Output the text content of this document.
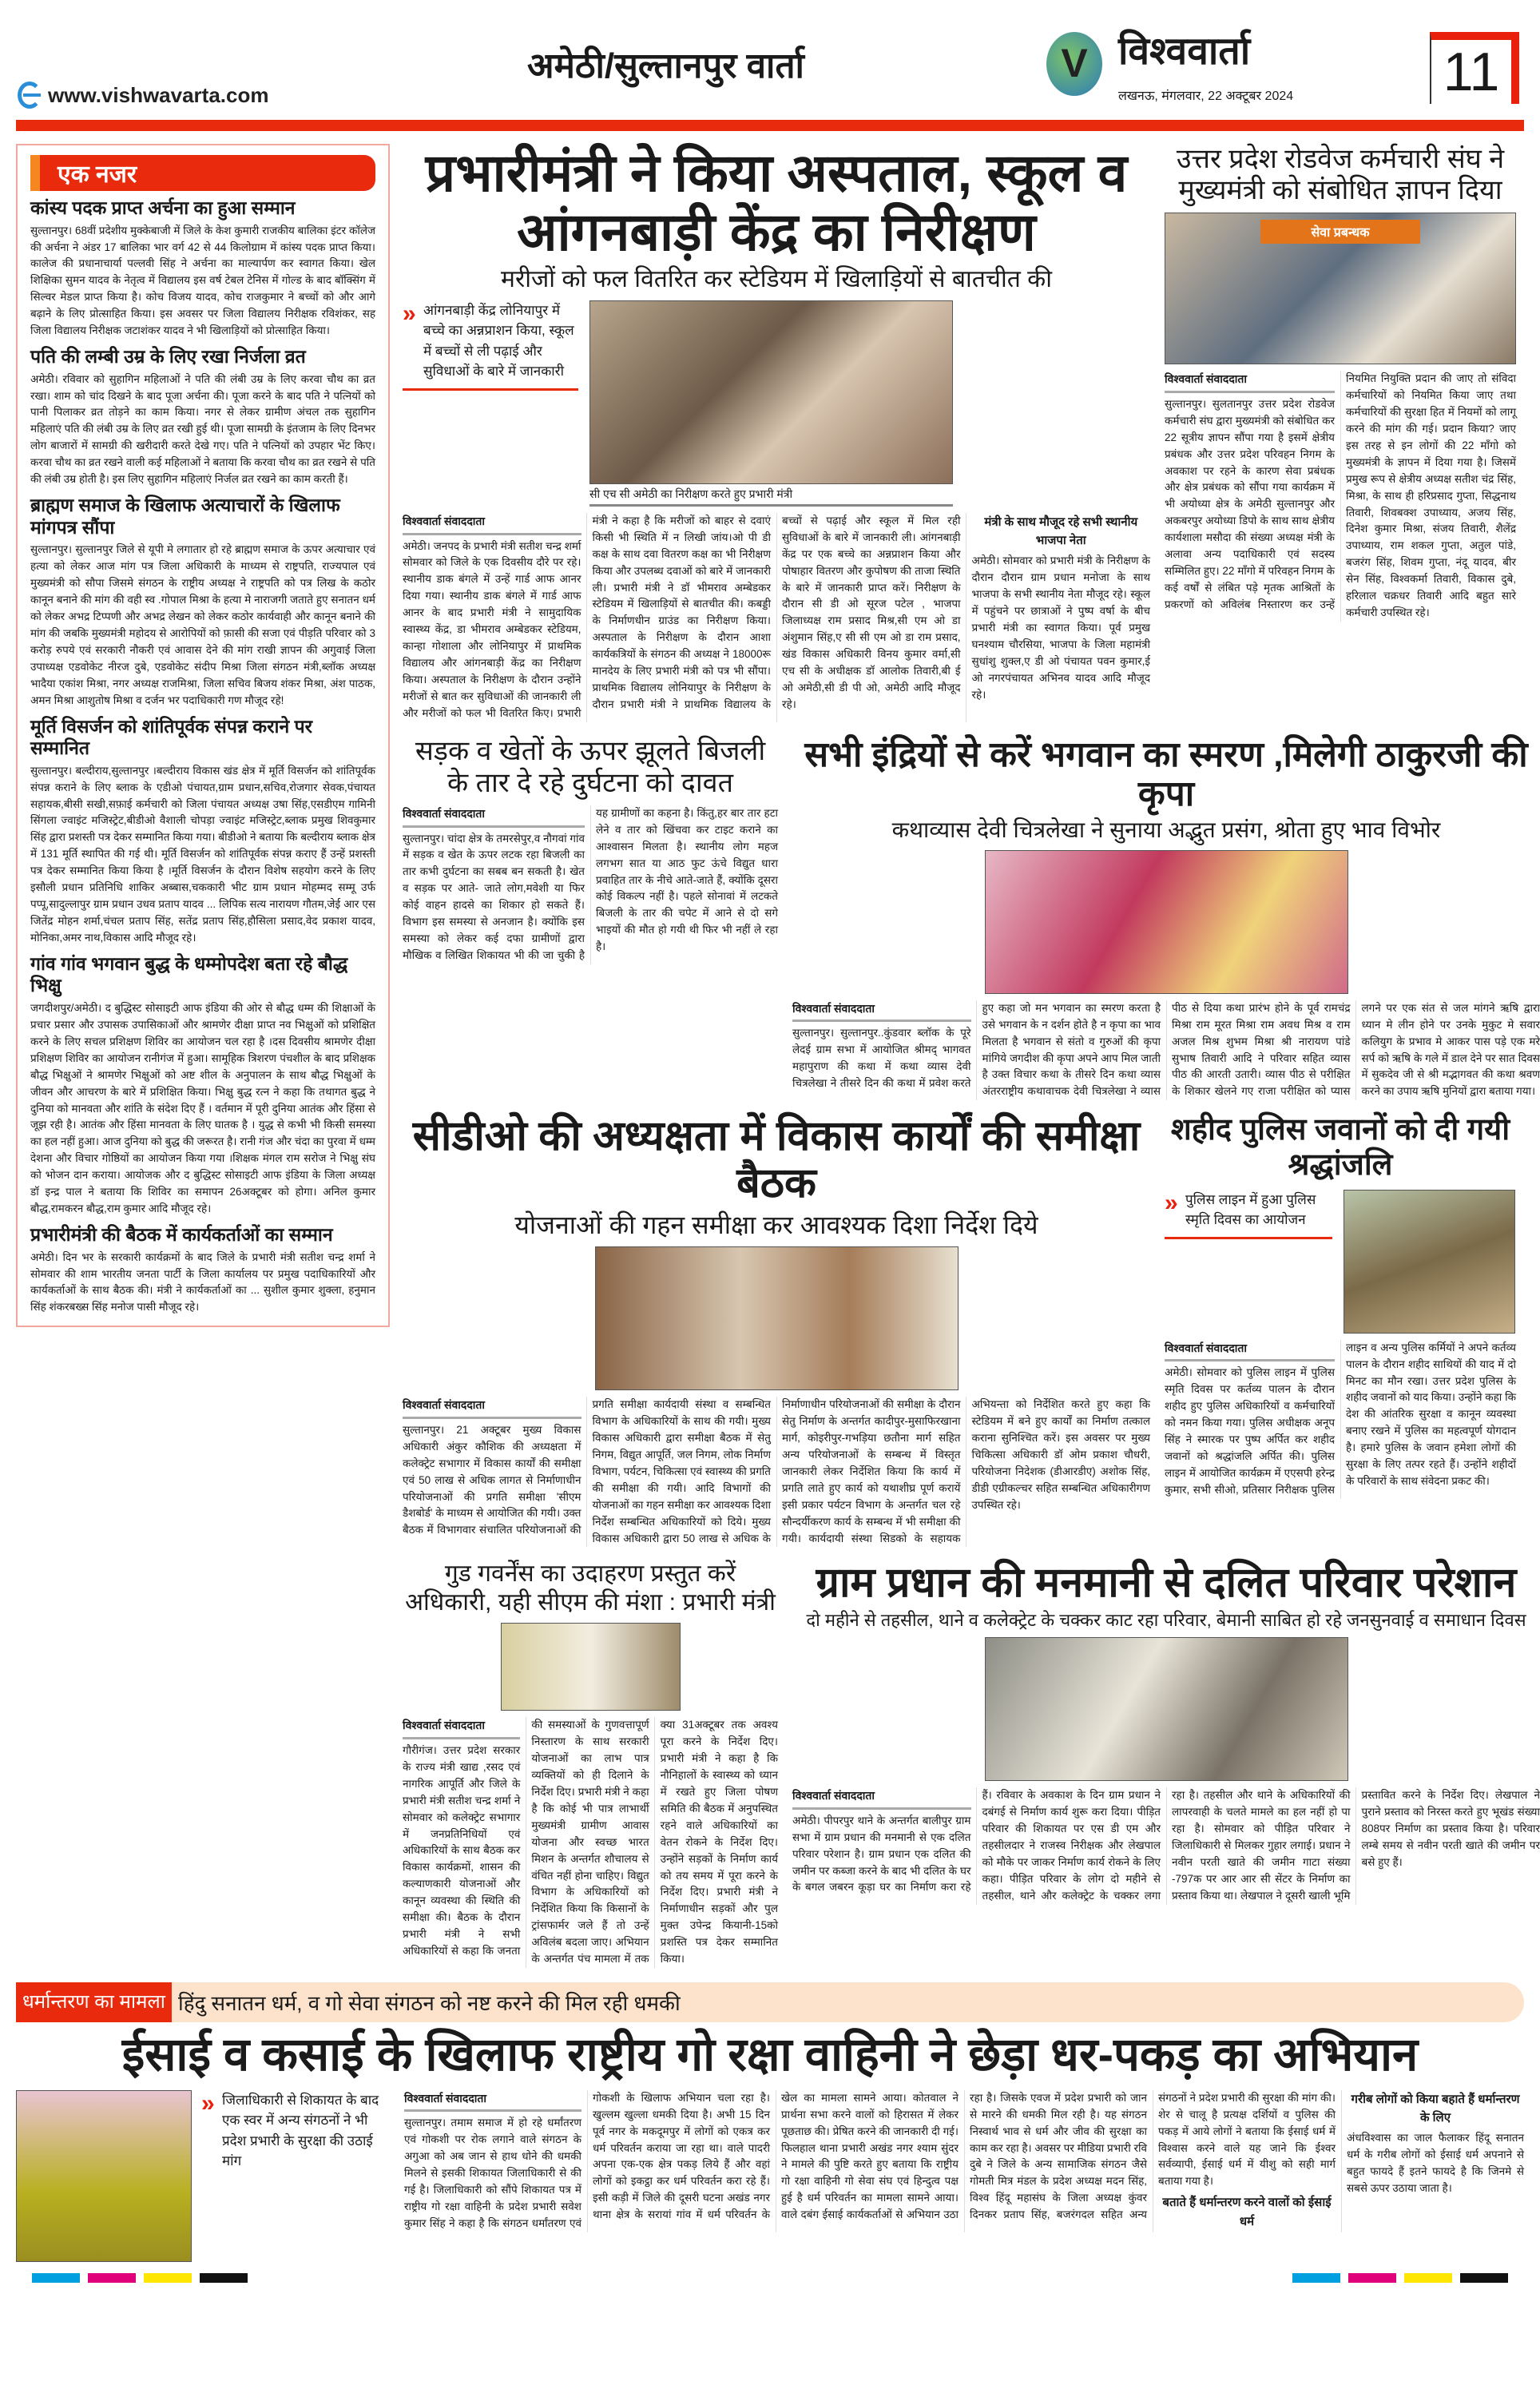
www.vishwavarta.com
अमेठी/सुल्तानपुर वार्ता	V विश्ववार्ता
लखनऊ, मंगलवार, 22 अक्टूबर 2024	11
एक नजर
कांस्य पदक प्राप्त अर्चना का हुआ सम्मान
सुल्तानपुर। 68वीं प्रदेशीय मुक्केबाजी में जिले के केश कुमारी राजकीय बालिका इंटर कॉलेज की अर्चना ने अंडर 17 बालिका भार वर्ग 42 से 44 किलोग्राम में कांस्य पदक प्राप्त किया। कालेज की प्रधानाचार्या पल्लवी सिंह ने अर्चना का माल्यार्पण कर स्वागत किया। खेल शिक्षिका सुमन यादव के नेतृत्व में विद्यालय इस वर्ष टेबल टेनिस में गोल्ड के बाद बॉक्सिंग में सिल्वर मेडल प्राप्त किया है। कोच विजय यादव, कोच राजकुमार ने बच्चों को और आगे बढ़ाने के लिए प्रोत्साहित किया। इस अवसर पर जिला विद्यालय निरीक्षक रविशंकर, सह जिला विद्यालय निरीक्षक जटाशंकर यादव ने भी खिलाड़ियों को प्रोत्साहित किया।
पति की लम्बी उम्र के लिए रखा निर्जला व्रत
अमेठी। रविवार को सुहागिन महिलाओं ने पति की लंबी उम्र के लिए करवा चौथ का व्रत रखा। शाम को चांद दिखने के बाद पूजा अर्चना की। पूजा करने के बाद पति ने पत्नियों को पानी पिलाकर व्रत तोड़ने का काम किया। नगर से लेकर ग्रामीण अंचल तक सुहागिन महिलाएं पति की लंबी उम्र के लिए व्रत रखी हुई थी। पूजा सामग्री के इंतजाम के लिए दिनभर लोग बाजारों में सामग्री की खरीदारी करते देखे गए। पति ने पत्नियों को उपहार भेंट किए। करवा चौथ का व्रत रखने वाली कई महिलाओं ने बताया कि करवा चौथ का व्रत रखने से पति की लंबी उम्र होती है। इस लिए सुहागिन महिलाएं निर्जल व्रत रखने का काम करती हैं।
ब्राह्मण समाज के खिलाफ अत्याचारों के खिलाफ मांगपत्र सौंपा
सुल्तानपुर। सुल्तानपुर जिले से यूपी मे लगातार हो रहे ब्राह्मण समाज के ऊपर अत्याचार एवं हत्या को लेकर आज मांग पत्र जिला अधिकारी के माध्यम से राष्ट्रपति, राज्यपाल एवं मुख्यमंत्री को सौपा जिसमे संगठन के राष्ट्रीय अध्यक्ष ने राष्ट्रपति को पत्र लिख के कठोर कानून बनाने की मांग की वही स्व .गोपाल मिश्रा के हत्या मे नाराजगी जताते हुए सनातन धर्म को लेकर अभद्र टिप्पणी और अभद्र लेखन को लेकर कठोर कार्यवाही और कानून बनाने की मांग की जबकि मुख्यमंत्री महोदय से आरोपियों को फ़ासी की सजा एवं पीड़ति परिवार को 3 करोड़ रुपये एवं सरकारी नौकरी एवं आवास देने की मांग राखी ज्ञापन की अगुवाई जिला उपाध्यक्ष एडवोकेट नीरज दुबे, एडवोकेट संदीप मिश्रा जिला संगठन मंत्री,ब्लॉक अध्यक्ष भादैया एकांश मिश्रा, नगर अध्यक्ष राजमिश्रा, जिला सचिव बिजय शंकर मिश्रा, अंश पाठक, अमन मिश्रा आशुतोष मिश्रा व दर्जन भर पदाधिकारी गण मौजूद रहे!
मूर्ति विसर्जन को शांतिपूर्वक संपन्न कराने पर सम्मानित
सुल्तानपुर। बल्दीराय,सुल्तानपुर ।बल्दीराय विकास खंड क्षेत्र में मूर्ति विसर्जन को शांतिपूर्वक संपन्न कराने के लिए ब्लाक के एडीओ पंचायत,ग्राम प्रधान,सचिव,रोजगार सेवक,पंचायत सहायक,बीसी सखी,सफ़ाई कर्मचारी को जिला पंचायत अध्यक्ष उषा सिंह,एसडीएम गामिनी सिंगला ज्वाइंट मजिस्ट्रेट,बीडीओ वैशाली चोपड़ा ज्वाइंट मजिस्ट्रेट,ब्लाक प्रमुख शिवकुमार सिंह द्वारा प्रशस्ती पत्र देकर सम्मानित किया गया। बीडीओ ने बताया कि बल्दीराय ब्लाक क्षेत्र में 131 मूर्ति स्थापित की गई थी। मूर्ति विसर्जन को शांतिपूर्वक संपन्न कराए हैं उन्हें प्रशस्ती पत्र देकर सम्मानित किया किया है ।मूर्ति विसर्जन के दौरान विशेष सहयोग करने के लिए इसौली प्रधान प्रतिनिधि शाकिर अब्बास,चककारी भीट ग्राम प्रधान मोहम्मद सम्मू उर्फ पप्पू,सादुल्लापुर ग्राम प्रधान उधव प्रताप यादव ... लिपिक सत्य नारायण गौतम,जेई आर एस जितेंद्र मोहन शर्मा,चंचल प्रताप सिंह, सतेंद्र प्रताप सिंह,हौसिला प्रसाद,वेद प्रकाश यादव, मोनिका,अमर नाथ,विकास आदि मौजूद रहे।
गांव गांव भगवान बुद्ध के धम्मोपदेश बता रहे बौद्ध भिक्षु
जगदीशपुर/अमेठी। द बुद्धिस्ट सोसाइटी आफ इंडिया की ओर से बौद्ध धम्म की शिक्षाओं के प्रचार प्रसार और उपासक उपासिकाओं और श्रामणेर दीक्षा प्राप्त नव भिक्षुओं को प्रशिक्षित करने के लिए सचल प्रशिक्षण शिविर का आयोजन चल रहा है ।दस दिवसीय श्रामणेर दीक्षा प्रशिक्षण शिविर का आयोजन रानीगंज में हुआ। सामूहिक त्रिशरण पंचशील के बाद प्रशिक्षक बौद्ध भिक्षुओं ने श्रामणेर भिक्षुओं को अष्ट शील के अनुपालन के साथ बौद्ध भिक्षुओं के जीवन और आचरण के बारे में प्रशिक्षित किया। भिक्षु बुद्ध रत्न ने कहा कि तथागत बुद्ध ने दुनिया को मानवता और शांति के संदेश दिए हैं । वर्तमान में पूरी दुनिया आतंक और हिंसा से जूझ रही है। आतंक और हिंसा मानवता के लिए घातक है । युद्ध से कभी भी किसी समस्या का हल नहीं हुआ। आज दुनिया को बुद्ध की जरूरत है। रानी गंज और चंदा का पुरवा में धम्म देशना और विचार गोष्ठियों का आयोजन किया गया ।शिक्षक मंगल राम सरोज ने भिक्षु संघ को भोजन दान कराया। आयोजक और द बुद्धिस्ट सोसाइटी आफ इंडिया के जिला अध्यक्ष डॉ इन्द्र पाल ने बताया कि शिविर का समापन 26अक्टूबर को होगा। अनिल कुमार बौद्ध,रामकरन बौद्ध,राम कुमार आदि मौजूद रहे।
प्रभारीमंत्री की बैठक में कार्यकर्ताओं का सम्मान
अमेठी। दिन भर के सरकारी कार्यक्रमों के बाद जिले के प्रभारी मंत्री सतीश चन्द्र शर्मा ने सोमवार की शाम भारतीय जनता पार्टी के जिला कार्यालय पर प्रमुख पदाधिकारियों और कार्यकर्ताओं के साथ बैठक की। मंत्री ने कार्यकर्ताओं का ... सुशील कुमार शुक्ला, हनुमान सिंह शंकरबख्स सिंह मनोज पासी मौजूद रहे।
प्रभारीमंत्री ने किया अस्पताल, स्कूल व आंगनबाड़ी केंद्र का निरीक्षण
मरीजों को फल वितरित कर स्टेडियम में खिलाड़ियों से बातचीत की
» आंगनबाड़ी केंद्र लोनियापुर में बच्चे का अन्नप्राशन किया, स्कूल में बच्चों से ली पढ़ाई और सुविधाओं के बारे में जानकारी
सी एच सी अमेठी का निरीक्षण करते हुए प्रभारी मंत्री
विश्ववार्ता संवाददाता
अमेठी। जनपद के प्रभारी मंत्री सतीश चन्द्र शर्मा सोमवार को जिले के एक दिवसीय दौरे पर रहे। स्थानीय डाक बंगले में उन्हें गार्ड आफ आनर दिया गया। स्थानीय डाक बंगले में गार्ड आफ आनर के बाद प्रभारी मंत्री ने सामुदायिक स्वास्थ्य केंद्र, डा भीमराव अम्बेडकर स्टेडियम, कान्हा गोशाला और लोनियापुर में प्राथमिक विद्यालय और आंगनबाड़ी केंद्र का निरीक्षण किया। अस्पताल के निरीक्षण के दौरान उन्होंने मरीजों से बात कर सुविधाओं की जानकारी ली और मरीजों को फल भी वितरित किए। प्रभारी मंत्री ने कहा है कि मरीजों को बाहर से दवाएं किसी भी स्थिति में न लिखी जांय।ओ पी डी कक्ष के साथ दवा वितरण कक्ष का भी निरीक्षण किया और उपलब्ध दवाओं को बारे में जानकारी ली। प्रभारी मंत्री ने डॉ भीमराव अम्बेडकर स्टेडियम में खिलाड़ियों से बातचीत की। कबड्डी के निर्माणधीन ग्राउंड का निरीक्षण किया। अस्पताल के निरीक्षण के दौरान आशा कार्यकत्रियों के संगठन की अध्यक्ष ने 18000रू मानदेय के लिए प्रभारी मंत्री को पत्र भी सौंपा। प्राथमिक विद्यालय लोनियापुर के निरीक्षण के दौरान प्रभारी मंत्री ने प्राथमिक विद्यालय के बच्चों से पढ़ाई और स्कूल में मिल रही सुविधाओं के बारे में जानकारी ली। आंगनबाड़ी केंद्र पर एक बच्चे का अन्नप्राशन किया और पोषाहार वितरण और कुपोषण की ताजा स्थिति के बारे में जानकारी प्राप्त करें। निरीक्षण के दौरान सी डी ओ सूरज पटेल , भाजपा जिलाध्यक्ष राम प्रसाद मिश्र,सी एम ओ डा अंशुमान सिंह,ए सी सी एम ओ डा राम प्रसाद, खंड विकास अधिकारी विनय कुमार वर्मा,सी एच सी के अधीक्षक डॉ आलोक तिवारी,बी ई ओ अमेठी,सी डी पी ओ, अमेठी आदि मौजूद रहे।
मंत्री के साथ मौजूद रहे सभी स्थानीय भाजपा नेता
अमेठी। सोमवार को प्रभारी मंत्री के निरीक्षण के दौरान दौरान ग्राम प्रधान मनोजा के साथ भाजपा के सभी स्थानीय नेता मौजूद रहे। स्कूल में पहुंचने पर छात्राओं ने पुष्प वर्षा के बीच प्रभारी मंत्री का स्वागत किया। पूर्व प्रमुख घनश्याम चौरसिया, भाजपा के जिला महामंत्री सुधांशु शुक्ल,ए डी ओ पंचायत पवन कुमार,ई ओ नगरपंचायत अभिनव यादव आदि मौजूद रहे।
उत्तर प्रदेश रोडवेज कर्मचारी संघ ने मुख्यमंत्री को संबोधित ज्ञापन दिया
सेवा प्रबन्धक
विश्ववार्ता संवाददाता
सुल्तानपुर। सुलतानपुर उत्तर प्रदेश रोडवेज कर्मचारी संघ द्वारा मुख्यमंत्री को संबोधित कर 22 सूत्रीय ज्ञापन सौंपा गया है इसमें क्षेत्रीय प्रबंधक और उत्तर प्रदेश परिवहन निगम के अवकाश पर रहने के कारण सेवा प्रबंधक और क्षेत्र प्रबंधक को सौंपा गया कार्यक्रम में भी अयोध्या क्षेत्र के अमेठी सुल्तानपुर और अकबरपुर अयोध्या डिपो के साथ साथ क्षेत्रीय कार्यशाला मसौदा की संख्या अध्यक्ष मंत्री के अलावा अन्य पदाधिकारी एवं सदस्य सम्मिलित हुए। 22 माँगो में परिवहन निगम के कई वर्षों से लंबित पड़े मृतक आश्रितों के प्रकरणों को अविलंब निस्तारण कर उन्हें नियमित नियुक्ति प्रदान की जाए तो संविदा कर्मचारियों को नियमित किया जाए तथा कर्मचारियों की सुरक्षा हित में नियमों को लागू करने की मांग की गई। प्रदान किया? जाए इस तरह से इन लोगों की 22 माँगो को मुख्यमंत्री के ज्ञापन में दिया गया है। जिसमें प्रमुख रूप से क्षेत्रीय अध्यक्ष सतीश चंद्र सिंह, मिश्रा, के साथ ही हरिप्रसाद गुप्ता, सिद्धनाथ तिवारी, शिवबक्श उपाध्याय, अजय सिंह, दिनेश कुमार मिश्रा, संजय तिवारी, शैलेंद्र उपाध्याय, राम शकल गुप्ता, अतुल पांडे, बजरंग सिंह, शिवम गुप्ता, नंदू यादव, बीर सेन सिंह, विश्वकर्मा तिवारी, विकास दुबे, हरिलाल चक्रधर तिवारी आदि बहुत सारे कर्मचारी उपस्थित रहे।
सड़क व खेतों के ऊपर झूलते बिजली के तार दे रहे दुर्घटना को दावत
विश्ववार्ता संवाददाता
सुल्तानपुर। चांदा क्षेत्र के तमरसेपुर,व नौगवां गांव में सड़क व खेत के ऊपर लटक रहा बिजली का तार कभी दुर्घटना का सबब बन सकती है। खेत व सड़क पर आते- जाते लोग,मवेशी या फिर कोई वाहन हादसे का शिकार हो सकते हैं। विभाग इस समस्या से अनजान है। क्योंकि इस समस्या को लेकर कई दफा ग्रामीणों द्वारा मौखिक व लिखित शिकायत भी की जा चुकी है यह ग्रामीणों का कहना है। किंतु,हर बार तार हटा लेने व तार को खिंचवा कर टाइट कराने का आश्वासन मिलता है। स्थानीय लोग महज लगभग सात या आठ फुट ऊंचे विद्युत धारा प्रवाहित तार के नीचे आते-जाते हैं, क्योंकि दूसरा कोई विकल्प नहीं है। पहले सोनावां में लटकते बिजली के तार की चपेट में आने से दो सगे भाइयों की मौत हो गयी थी फिर भी नहीं ले रहा है।
सभी इंद्रियों से करें भगवान का स्मरण ,मिलेगी ठाकुरजी की कृपा
कथाव्यास देवी चित्रलेखा ने सुनाया अद्भुत प्रसंग, श्रोता हुए भाव विभोर
विश्ववार्ता संवाददाता
सुल्तानपुर। सुल्तानपुर..कुंडवार ब्लॉक के पूरे लेदई ग्राम सभा में आयोजित श्रीमद् भागवत महापुराण की कथा में कथा व्यास देवी चित्रलेखा ने तीसरे दिन की कथा में प्रवेश करते हुए कहा जो मन भगवान का स्मरण करता है उसे भगवान के न दर्शन होते है न कृपा का भाव मिलता है भगवान से संतो व गुरुओं की कृपा मांगिये जगदीश की कृपा अपने आप मिल जाती है उक्त विचार कथा के तीसरे दिन कथा व्यास अंतरराष्ट्रीय कथावाचक देवी चित्रलेखा ने व्यास पीठ से दिया कथा प्रारंभ होने के पूर्व रामचंद्र मिश्रा राम मूरत मिश्रा राम अवध मिश्र व राम अजल मिश्र शुभम मिश्रा श्री नारायण पांडे सुभाष तिवारी आदि ने परिवार सहित व्यास पीठ की आरती उतारी। व्यास पीठ से परीक्षित के शिकार खेलने गए राजा परीक्षित को प्यास लगने पर एक संत से जल मांगने ऋषि द्वारा ध्यान मे लीन होने पर उनके मुकुट मे सवार कलियुग के प्रभाव मे आकर पास पड़े एक मरे सर्प को ऋषि के गले में डाल देने पर सात दिवस में सुकदेव जी से श्री मद्भागवत की कथा श्रवण करने का उपाय ऋषि मुनियों द्वारा बताया गया।
सीडीओ की अध्यक्षता में विकास कार्यों की समीक्षा बैठक
योजनाओं की गहन समीक्षा कर आवश्यक दिशा निर्देश दिये
विश्ववार्ता संवाददाता
सुल्तानपुर। 21 अक्टूबर मुख्य विकास अधिकारी अंकुर कौशिक की अध्यक्षता में कलेक्ट्रेट सभागार में विकास कार्यों की समीक्षा एवं 50 लाख से अधिक लागत से निर्माणाधीन परियोजनाओं की प्रगति समीक्षा 'सीएम डैशबोर्ड' के माध्यम से आयोजित की गयी। उक्त बैठक में विभागवार संचालित परियोजनाओं की प्रगति समीक्षा कार्यदायी संस्था व सम्बन्धित विभाग के अधिकारियों के साथ की गयी। मुख्य विकास अधिकारी द्वारा समीक्षा बैठक में सेतु निगम, विद्युत आपूर्ति, जल निगम, लोक निर्माण विभाग, पर्यटन, चिकित्सा एवं स्वास्थ्य की प्रगति की समीक्षा की गयी। आदि विभागों की योजनाओं का गहन समीक्षा कर आवश्यक दिशा निर्देश सम्बन्धित अधिकारियों को दिये। मुख्य विकास अधिकारी द्वारा 50 लाख से अधिक के निर्माणाधीन परियोजनाओं की समीक्षा के दौरान सेतु निर्माण के अन्तर्गत कादीपुर-मुसाफिरखाना मार्ग, कोइरीपुर-गभड़िया छतौना मार्ग सहित अन्य परियोजनाओं के सम्बन्ध में विस्तृत जानकारी लेकर निर्देशित किया कि कार्य में प्रगति लाते हुए कार्य को यथाशीघ्र पूर्ण करायें इसी प्रकार पर्यटन विभाग के अन्तर्गत चल रहे सौन्दर्यीकरण कार्य के सम्बन्ध में भी समीक्षा की गयी। कार्यदायी संस्था सिडको के सहायक अभियन्ता को निर्देशित करते हुए कहा कि स्टेडियम में बने हुए कार्यों का निर्माण तत्काल कराना सुनिश्चित करें। इस अवसर पर मुख्य चिकित्सा अधिकारी डॉ ओम प्रकाश चौधरी, परियोजना निदेशक (डीआरडीए) अशोक सिंह, डीडी एग्रीकल्चर सहित सम्बन्धित अधिकारीगण उपस्थित रहे।
शहीद पुलिस जवानों को दी गयी श्रद्धांजलि
» पुलिस लाइन में हुआ पुलिस स्मृति दिवस का आयोजन
विश्ववार्ता संवाददाता
अमेठी। सोमवार को पुलिस लाइन में पुलिस स्मृति दिवस पर कर्तव्य पालन के दौरान शहीद हुए पुलिस अधिकारियों व कर्मचारियों को नमन किया गया। पुलिस अधीक्षक अनूप सिंह ने स्मारक पर पुष्प अर्पित कर शहीद जवानों को श्रद्धांजलि अर्पित की। पुलिस लाइन में आयोजित कार्यक्रम में एएसपी हरेन्द्र कुमार, सभी सीओ, प्रतिसार निरीक्षक पुलिस लाइन व अन्य पुलिस कर्मियों ने अपने कर्तव्य पालन के दौरान शहीद साथियों की याद में दो मिनट का मौन रखा। उत्तर प्रदेश पुलिस के शहीद जवानों को याद किया। उन्होंने कहा कि देश की आंतरिक सुरक्षा व कानून व्यवस्था बनाए रखने में पुलिस का महत्वपूर्ण योगदान है। हमारे पुलिस के जवान हमेशा लोगों की सुरक्षा के लिए तत्पर रहते हैं। उन्होंने शहीदों के परिवारों के साथ संवेदना प्रकट की।
गुड गवर्नेंस का उदाहरण प्रस्तुत करें अधिकारी, यही सीएम की मंशा : प्रभारी मंत्री
विश्ववार्ता संवाददाता
गौरीगंज। उत्तर प्रदेश सरकार के राज्य मंत्री खाद्य ,रसद एवं नागरिक आपूर्ति और जिले के प्रभारी मंत्री सतीश चन्द्र शर्मा ने सोमवार को कलेक्ट्रेट सभागार में जनप्रतिनिधियों एवं अधिकारियों के साथ बैठक कर विकास कार्यक्रमों, शासन की कल्याणकारी योजनाओं और कानून व्यवस्था की स्थिति की समीक्षा की। बैठक के दौरान प्रभारी मंत्री ने सभी अधिकारियों से कहा कि जनता की समस्याओं के गुणवत्तापूर्ण निस्तारण के साथ सरकारी योजनाओं का लाभ पात्र व्यक्तियों को ही दिलाने के निर्देश दिए। प्रभारी मंत्री ने कहा है कि कोई भी पात्र लाभार्थी मुख्यमंत्री ग्रामीण आवास योजना और स्वच्छ भारत मिशन के अन्तर्गत शौचालय से वंचित नहीं होना चाहिए। विद्युत विभाग के अधिकारियों को निर्देशित किया कि किसानों के ट्रांसफार्मर जले हैं तो उन्हें अविलंब बदला जाए। अभियान के अन्तर्गत पंच मामला में तक क्या 31अक्टूबर तक अवश्य पूरा करने के निर्देश दिए। प्रभारी मंत्री ने कहा है कि नौनिहालों के स्वास्थ्य को ध्यान में रखते हुए जिला पोषण समिति की बैठक में अनुपस्थित रहने वाले अधिकारियों का वेतन रोकने के निर्देश दिए। उन्होंने सड़कों के निर्माण कार्य को तय समय में पूरा करने के निर्देश दिए। प्रभारी मंत्री ने निर्माणाधीन सड़कों और पुल मुक्त उपेन्द्र कियानी-15को प्रशस्ति पत्र देकर सम्मानित किया।
ग्राम प्रधान की मनमानी से दलित परिवार परेशान
दो महीने से तहसील, थाने व कलेक्ट्रेट के चक्कर काट रहा परिवार, बेमानी साबित हो रहे जनसुनवाई व समाधान दिवस
विश्ववार्ता संवाददाता
अमेठी। पीपरपुर थाने के अन्तर्गत बालीपुर ग्राम सभा में ग्राम प्रधान की मनमानी से एक दलित परिवार परेशान है। ग्राम प्रधान एक दलित की जमीन पर कब्जा करने के बाद भी दलित के घर के बगल जबरन कूड़ा घर का निर्माण करा रहे हैं। रविवार के अवकाश के दिन ग्राम प्रधान ने दबंगई से निर्माण कार्य शुरू करा दिया। पीड़ित परिवार की शिकायत पर एस डी एम और तहसीलदार ने राजस्व निरीक्षक और लेखपाल को मौके पर जाकर निर्माण कार्य रोकने के लिए कहा। पीड़ित परिवार के लोग दो महीने से तहसील, थाने और कलेक्ट्रेट के चक्कर लगा रहा है। तहसील और थाने के अधिकारियों की लापरवाही के चलते मामले का हल नहीं हो पा रहा है। सोमवार को पीड़ित परिवार ने जिलाधिकारी से मिलकर गुहार लगाई। प्रधान ने नवीन परती खाते की जमीन गाटा संख्या -797क पर आर आर सी सेंटर के निर्माण का प्रस्ताव किया था। लेखपाल ने दूसरी खाली भूमि प्रस्तावित करने के निर्देश दिए। लेखपाल ने पुराने प्रस्ताव को निरस्त करते हुए भूखंड संख्या 808पर निर्माण का प्रस्ताव किया है। परिवार लम्बे समय से नवीन परती खाते की जमीन पर बसे हुए हैं।
धर्मान्तरण का मामला हिंदु सनातन धर्म, व गो सेवा संगठन को नष्ट करने की मिल रही धमकी
ईसाई व कसाई के खिलाफ राष्ट्रीय गो रक्षा वाहिनी ने छेड़ा धर-पकड़ का अभियान
» जिलाधिकारी से शिकायत के बाद एक स्वर में अन्य संगठनों ने भी प्रदेश प्रभारी के सुरक्षा की उठाई मांग
विश्ववार्ता संवाददाता
सुल्तानपुर। तमाम समाज में हो रहे धर्मांतरण एवं गोकशी पर रोक लगाने वाले संगठन के अगुआ को अब जान से हाथ धोने की धमकी मिलने से इसकी शिकायत जिलाधिकारी से की गई है। जिलाधिकारी को सौंपे शिकायत पत्र में राष्ट्रीय गो रक्षा वाहिनी के प्रदेश प्रभारी सवेश कुमार सिंह ने कहा है कि संगठन धर्मांतरण एवं गोकशी के खिलाफ अभियान चला रहा है। खुल्लम खुल्ला धमकी दिया है। अभी 15 दिन पूर्व नगर के मकदूमपुर में लोगों को एकत्र कर धर्म परिवर्तन कराया जा रहा था। वाले पादरी अपना एक-एक क्षेत्र पकड़ लिये हैं और वहां लोगों को इकट्ठा कर धर्म परिवर्तन करा रहे हैं। इसी कड़ी में जिले की दूसरी घटना अखंड नगर थाना क्षेत्र के सरायां गांव में धर्म परिवर्तन के खेल का मामला सामने आया। कोतवाल ने प्रार्थना सभा करने वालों को हिरासत में लेकर पूछताछ की। प्रेषित करने की जानकारी दी गई। फिलहाल थाना प्रभारी अखंड नगर श्याम सुंदर ने मामले की पुष्टि करते हुए बताया कि राष्ट्रीय गो रक्षा वाहिनी गो सेवा संघ एवं हिन्दुत्व पक्ष हुई है धर्म परिवर्तन का मामला सामने आया। वाले दबंग ईसाई कार्यकर्ताओं से अभियान उठा रहा है। जिसके एवज में प्रदेश प्रभारी को जान से मारने की धमकी मिल रही है। यह संगठन निस्वार्थ भाव से धर्म और जीव की सुरक्षा का काम कर रहा है। अवसर पर मीडिया प्रभारी रवि दुबे ने जिले के अन्य सामाजिक संगठन जैसे गोमती मित्र मंडल के प्रदेश अध्यक्ष मदन सिंह, विश्व हिंदू महासंघ के जिला अध्यक्ष कुंवर दिनकर प्रताप सिंह, बजरंगदल सहित अन्य संगठनों ने प्रदेश प्रभारी की सुरक्षा की मांग की। शेर से चालू है प्रत्यक्ष दर्शियों व पुलिस की पकड़ में आये लोगों ने बताया कि ईसाई धर्म में विश्वास करने वाले यह जाने कि ईश्वर सर्वव्यापी, ईसाई धर्म में यीशु को सही मार्ग बताया गया है।
बताते हैं धर्मान्तरण करने वालों को ईसाई धर्म
गरीब लोगों को किया बहाते हैं धर्मान्तरण के लिए
अंधविश्वास का जाल फैलाकर हिंदू सनातन धर्म के गरीब लोगों को ईसाई धर्म अपनाने से बहुत फायदे हैं इतने फायदे है कि जिनमे से सबसे ऊपर उठाया जाता है।
